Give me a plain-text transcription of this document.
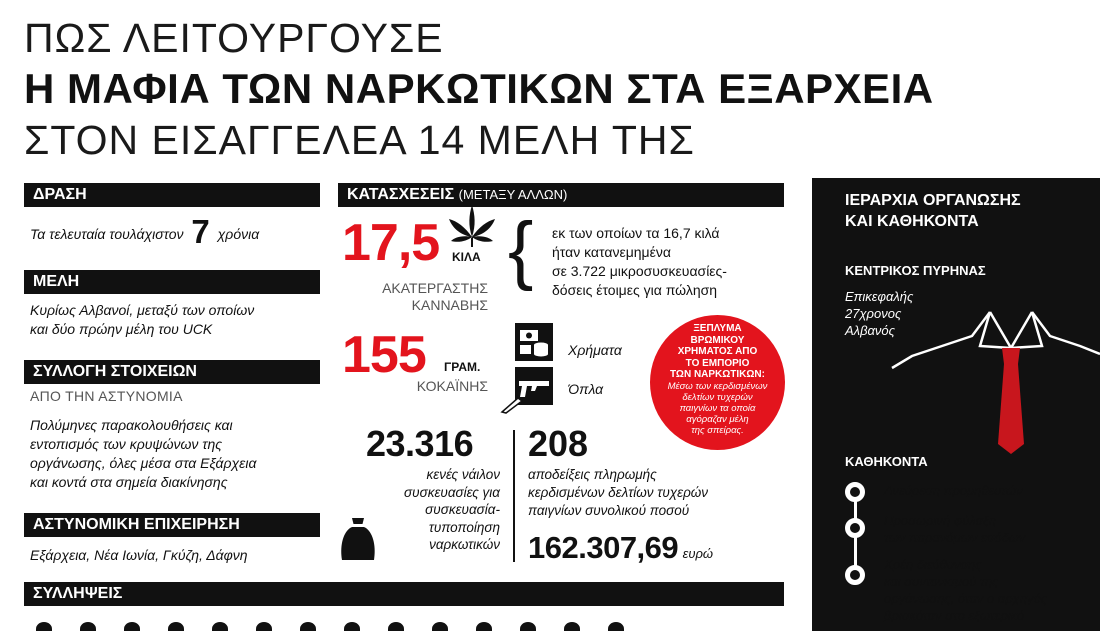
ΠΩΣ ΛΕΙΤΟΥΡΓΟΥΣΕ
Η ΜΑΦΙΑ ΤΩΝ ΝΑΡΚΩΤΙΚΩΝ ΣΤΑ ΕΞΑΡΧΕΙΑ
ΣΤΟΝ ΕΙΣΑΓΓΕΛΕΑ 14 ΜΕΛΗ ΤΗΣ
ΔΡΑΣΗ
Τα τελευταία τουλάχιστον 7 χρόνια
ΜΕΛΗ
Κυρίως Αλβανοί, μεταξύ των οποίων
και δύο πρώην μέλη του UCK
ΣΥΛΛΟΓΗ ΣΤΟΙΧΕΙΩΝ
ΑΠΟ ΤΗΝ ΑΣΤΥΝΟΜΙΑ
Πολύμηνες παρακολουθήσεις και
εντοπισμός των κρυψώνων της
οργάνωσης, όλες μέσα στα Εξάρχεια
και κοντά στα σημεία διακίνησης
ΑΣΤΥΝΟΜΙΚΗ ΕΠΙΧΕΙΡΗΣΗ
Εξάρχεια, Νέα Ιωνία, Γκύζη, Δάφνη
ΣΥΛΛΗΨΕΙΣ
ΚΑΤΑΣΧΕΣΕΙΣ (ΜΕΤΑΞΥ ΑΛΛΩΝ)
17,5 ΚΙΛΑ
ΑΚΑΤΕΡΓΑΣΤΗΣ
ΚΑΝΝΑΒΗΣ
{ εκ των οποίων τα 16,7 κιλά
ήταν κατανεμημένα
σε 3.722 μικροσυσκευασίες-
δόσεις έτοιμες για πώληση
155 ΓΡΑΜ.
ΚΟΚΑΪΝΗΣ
Χρήματα
Όπλα
23.316
κενές νάιλον
συσκευασίες για
συσκευασία-
τυποποίηση
ναρκωτικών
208
αποδείξεις πληρωμής
κερδισμένων δελτίων τυχερών
παιγνίων συνολικού ποσού
162.307,69 ευρώ
ΞΕΠΛΥΜΑ
ΒΡΩΜΙΚΟΥ
ΧΡΗΜΑΤΟΣ ΑΠΟ
ΤΟ ΕΜΠΟΡΙΟ
ΤΩΝ ΝΑΡΚΩΤΙΚΩΝ:
Μέσω των κερδισμένων
δελτίων τυχερών
παιγνίων τα οποία
αγόραζαν μέλη
της σπείρας.
ΙΕΡΑΡΧΙΑ ΟΡΓΑΝΩΣΗΣ
ΚΑΙ ΚΑΘΗΚΟΝΤΑ
ΚΕΝΤΡΙΚΟΣ ΠΥΡΗΝΑΣ
Επικεφαλής
27χρονος
Αλβανός
ΚΑΘΗΚΟΝΤΑ
Ανεύρεση προμηθευτών
Προσωρινή φύλαξη
των παρανόμων εσόδων
Χρέη διεύθυνσης
και συντονισμού της
οργάνωσης, όταν ο αρχηγός
βρισκόταν στο εξωτερικό
